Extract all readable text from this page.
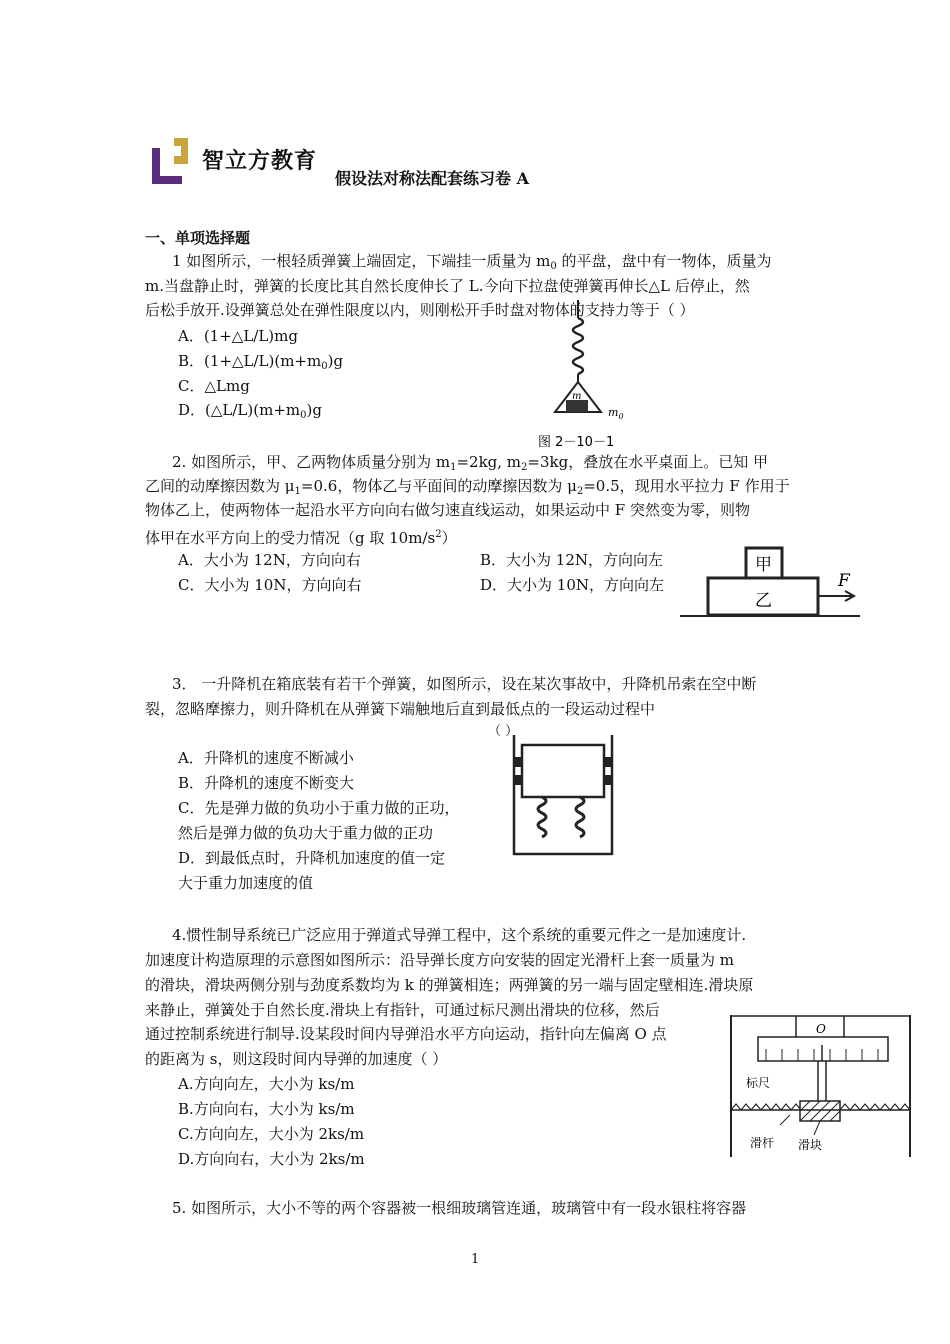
智立方教育
假设法对称法配套练习卷 A
一、单项选择题
1 如图所示，一根轻质弹簧上端固定，下端挂一质量为 $m_0$ 的平盘，盘中有一物体，质量为
m.当盘静止时，弹簧的长度比其自然长度伸长了 L.今向下拉盘使弹簧再伸长△L 后停止，然
后松手放开.设弹簧总处在弹性限度以内，则刚松开手时盘对物体的支持力等于（ ）
A．(1+△L/L)mg
B．$(1+\triangle L/L)(m+m_0)g$
C．△Lmg
D．$(\triangle L/L)(m+m_0)g$
m
$m_0$
图 2－10－1
2. 如图所示，甲、乙两物体质量分别为 $m_1=2kg$, $m_2=3kg$，叠放在水平桌面上。已知 甲
乙间的动摩擦因数为 $\mu_1=0.6$，物体乙与平面间的动摩擦因数为 $\mu_2=0.5$，现用水平拉力 F 作用于
物体乙上，使两物体一起沿水平方向向右做匀速直线运动，如果运动中 F 突然变为零，则物
体甲在水平方向上的受力情况（g 取 $10m/s^2$）
A．大小为 12N，方向向右	B．大小为 12N，方向向左
C．大小为 10N，方向向右	D．大小为 10N，方向向左
甲
乙
F
3． 一升降机在箱底装有若干个弹簧，如图所示，设在某次事故中，升降机吊索在空中断
裂，忽略摩擦力，则升降机在从弹簧下端触地后直到最低点的一段运动过程中
（ ）
A．升降机的速度不断减小
B．升降机的速度不断变大
C．先是弹力做的负功小于重力做的正功，
然后是弹力做的负功大于重力做的正功
D．到最低点时，升降机加速度的值一定
大于重力加速度的值
4.惯性制导系统已广泛应用于弹道式导弹工程中，这个系统的重要元件之一是加速度计.
加速度计构造原理的示意图如图所示：沿导弹长度方向安装的固定光滑杆上套一质量为 m
的滑块，滑块两侧分别与劲度系数均为 k 的弹簧相连；两弹簧的另一端与固定壁相连.滑块原
来静止，弹簧处于自然长度.滑块上有指针，可通过标尺测出滑块的位移，然后
通过控制系统进行制导.设某段时间内导弹沿水平方向运动，指针向左偏离 O 点
的距离为 s，则这段时间内导弹的加速度（ ）
A.方向向左，大小为 ks/m
B.方向向右，大小为 ks/m
C.方向向左，大小为 2ks/m
D.方向向右，大小为 2ks/m
O
标尺
滑杆 滑块
5. 如图所示，大小不等的两个容器被一根细玻璃管连通，玻璃管中有一段水银柱将容器
1
